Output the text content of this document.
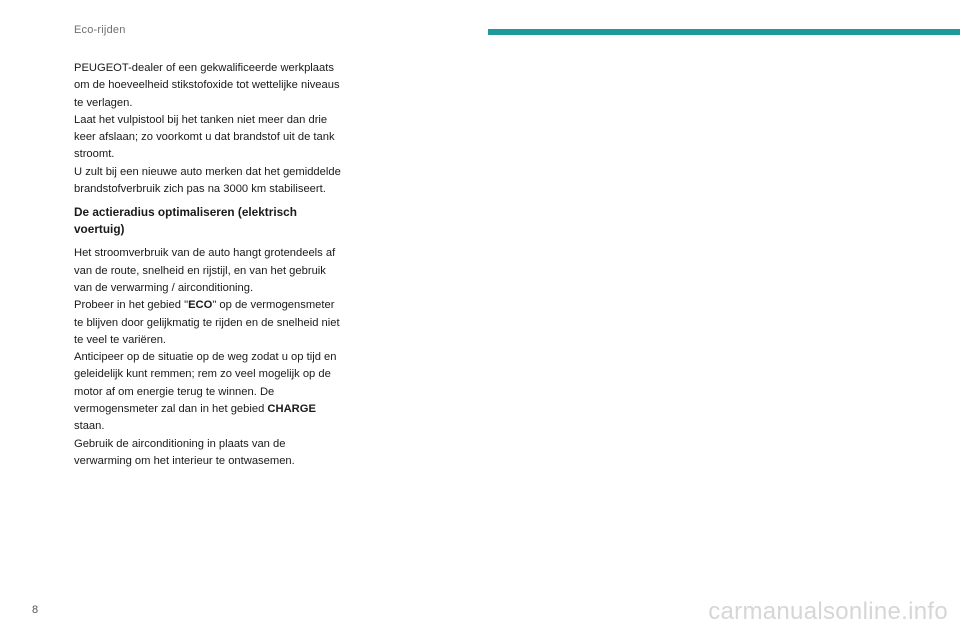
Eco-rijden

PEUGEOT-dealer of een gekwalificeerde werkplaats om de hoeveelheid stikstofoxide tot wettelijke niveaus te verlagen.

Laat het vulpistool bij het tanken niet meer dan drie keer afslaan; zo voorkomt u dat brandstof uit de tank stroomt.

U zult bij een nieuwe auto merken dat het gemiddelde brandstofverbruik zich pas na 3000 km stabiliseert.

De actieradius optimaliseren (elektrisch voertuig)

Het stroomverbruik van de auto hangt grotendeels af van de route, snelheid en rijstijl, en van het gebruik van de verwarming / airconditioning.

Probeer in het gebied "ECO" op de vermogensmeter te blijven door gelijkmatig te rijden en de snelheid niet te veel te variëren.

Anticipeer op de situatie op de weg zodat u op tijd en geleidelijk kunt remmen; rem zo veel mogelijk op de motor af om energie terug te winnen. De vermogensmeter zal dan in het gebied CHARGE staan.

Gebruik de airconditioning in plaats van de verwarming om het interieur te ontwasemen.

8	carmanualsonline.info
